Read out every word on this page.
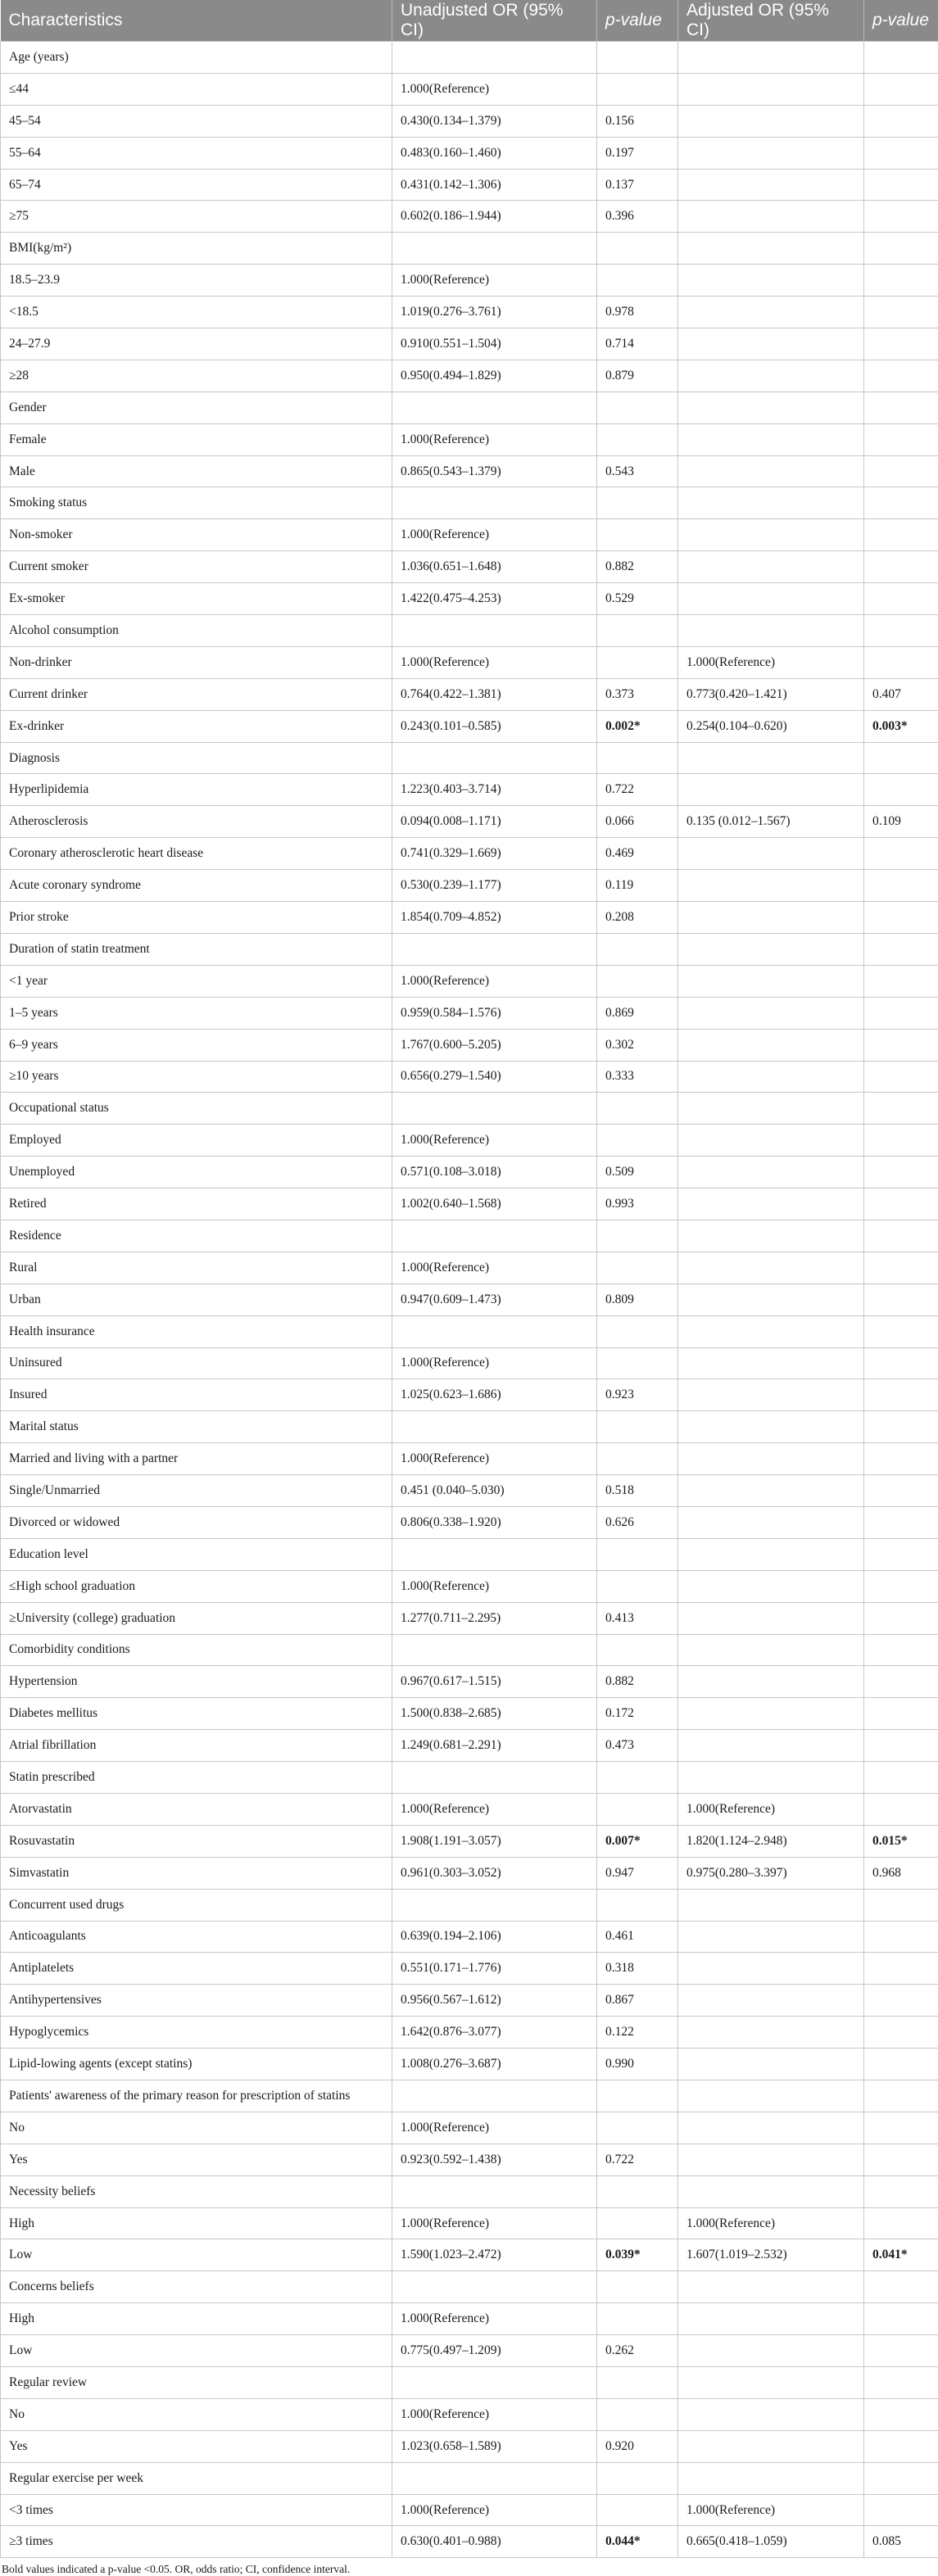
Characteristics	Unadjusted OR (95% CI)	p-value	Adjusted OR (95% CI)	p-value
Age (years)				
≤44	1.000(Reference)			
45–54	0.430(0.134–1.379)	0.156		
55–64	0.483(0.160–1.460)	0.197		
65–74	0.431(0.142–1.306)	0.137		
≥75	0.602(0.186–1.944)	0.396		
BMI(kg/m²)				
18.5–23.9	1.000(Reference)			
<18.5	1.019(0.276–3.761)	0.978		
24–27.9	0.910(0.551–1.504)	0.714		
≥28	0.950(0.494–1.829)	0.879		
Gender				
Female	1.000(Reference)			
Male	0.865(0.543–1.379)	0.543		
Smoking status				
Non-smoker	1.000(Reference)			
Current smoker	1.036(0.651–1.648)	0.882		
Ex-smoker	1.422(0.475–4.253)	0.529		
Alcohol consumption				
Non-drinker	1.000(Reference)		1.000(Reference)	
Current drinker	0.764(0.422–1.381)	0.373	0.773(0.420–1.421)	0.407
Ex-drinker	0.243(0.101–0.585)	0.002*	0.254(0.104–0.620)	0.003*
Diagnosis				
Hyperlipidemia	1.223(0.403–3.714)	0.722		
Atherosclerosis	0.094(0.008–1.171)	0.066	0.135 (0.012–1.567)	0.109
Coronary atherosclerotic heart disease	0.741(0.329–1.669)	0.469		
Acute coronary syndrome	0.530(0.239–1.177)	0.119		
Prior stroke	1.854(0.709–4.852)	0.208		
Duration of statin treatment				
<1 year	1.000(Reference)			
1–5 years	0.959(0.584–1.576)	0.869		
6–9 years	1.767(0.600–5.205)	0.302		
≥10 years	0.656(0.279–1.540)	0.333		
Occupational status				
Employed	1.000(Reference)			
Unemployed	0.571(0.108–3.018)	0.509		
Retired	1.002(0.640–1.568)	0.993		
Residence				
Rural	1.000(Reference)			
Urban	0.947(0.609–1.473)	0.809		
Health insurance				
Uninsured	1.000(Reference)			
Insured	1.025(0.623–1.686)	0.923		
Marital status				
Married and living with a partner	1.000(Reference)			
Single/Unmarried	0.451 (0.040–5.030)	0.518		
Divorced or widowed	0.806(0.338–1.920)	0.626		
Education level				
≤High school graduation	1.000(Reference)			
≥University (college) graduation	1.277(0.711–2.295)	0.413		
Comorbidity conditions				
Hypertension	0.967(0.617–1.515)	0.882		
Diabetes mellitus	1.500(0.838–2.685)	0.172		
Atrial fibrillation	1.249(0.681–2.291)	0.473		
Statin prescribed				
Atorvastatin	1.000(Reference)		1.000(Reference)	
Rosuvastatin	1.908(1.191–3.057)	0.007*	1.820(1.124–2.948)	0.015*
Simvastatin	0.961(0.303–3.052)	0.947	0.975(0.280–3.397)	0.968
Concurrent used drugs				
Anticoagulants	0.639(0.194–2.106)	0.461		
Antiplatelets	0.551(0.171–1.776)	0.318		
Antihypertensives	0.956(0.567–1.612)	0.867		
Hypoglycemics	1.642(0.876–3.077)	0.122		
Lipid-lowing agents (except statins)	1.008(0.276–3.687)	0.990		
Patients' awareness of the primary reason for prescription of statins				
No	1.000(Reference)			
Yes	0.923(0.592–1.438)	0.722		
Necessity beliefs				
High	1.000(Reference)		1.000(Reference)	
Low	1.590(1.023–2.472)	0.039*	1.607(1.019–2.532)	0.041*
Concerns beliefs				
High	1.000(Reference)			
Low	0.775(0.497–1.209)	0.262		
Regular review				
No	1.000(Reference)			
Yes	1.023(0.658–1.589)	0.920		
Regular exercise per week				
<3 times	1.000(Reference)		1.000(Reference)	
≥3 times	0.630(0.401–0.988)	0.044*	0.665(0.418–1.059)	0.085
Bold values indicated a p-value <0.05. OR, odds ratio; CI, confidence interval.
